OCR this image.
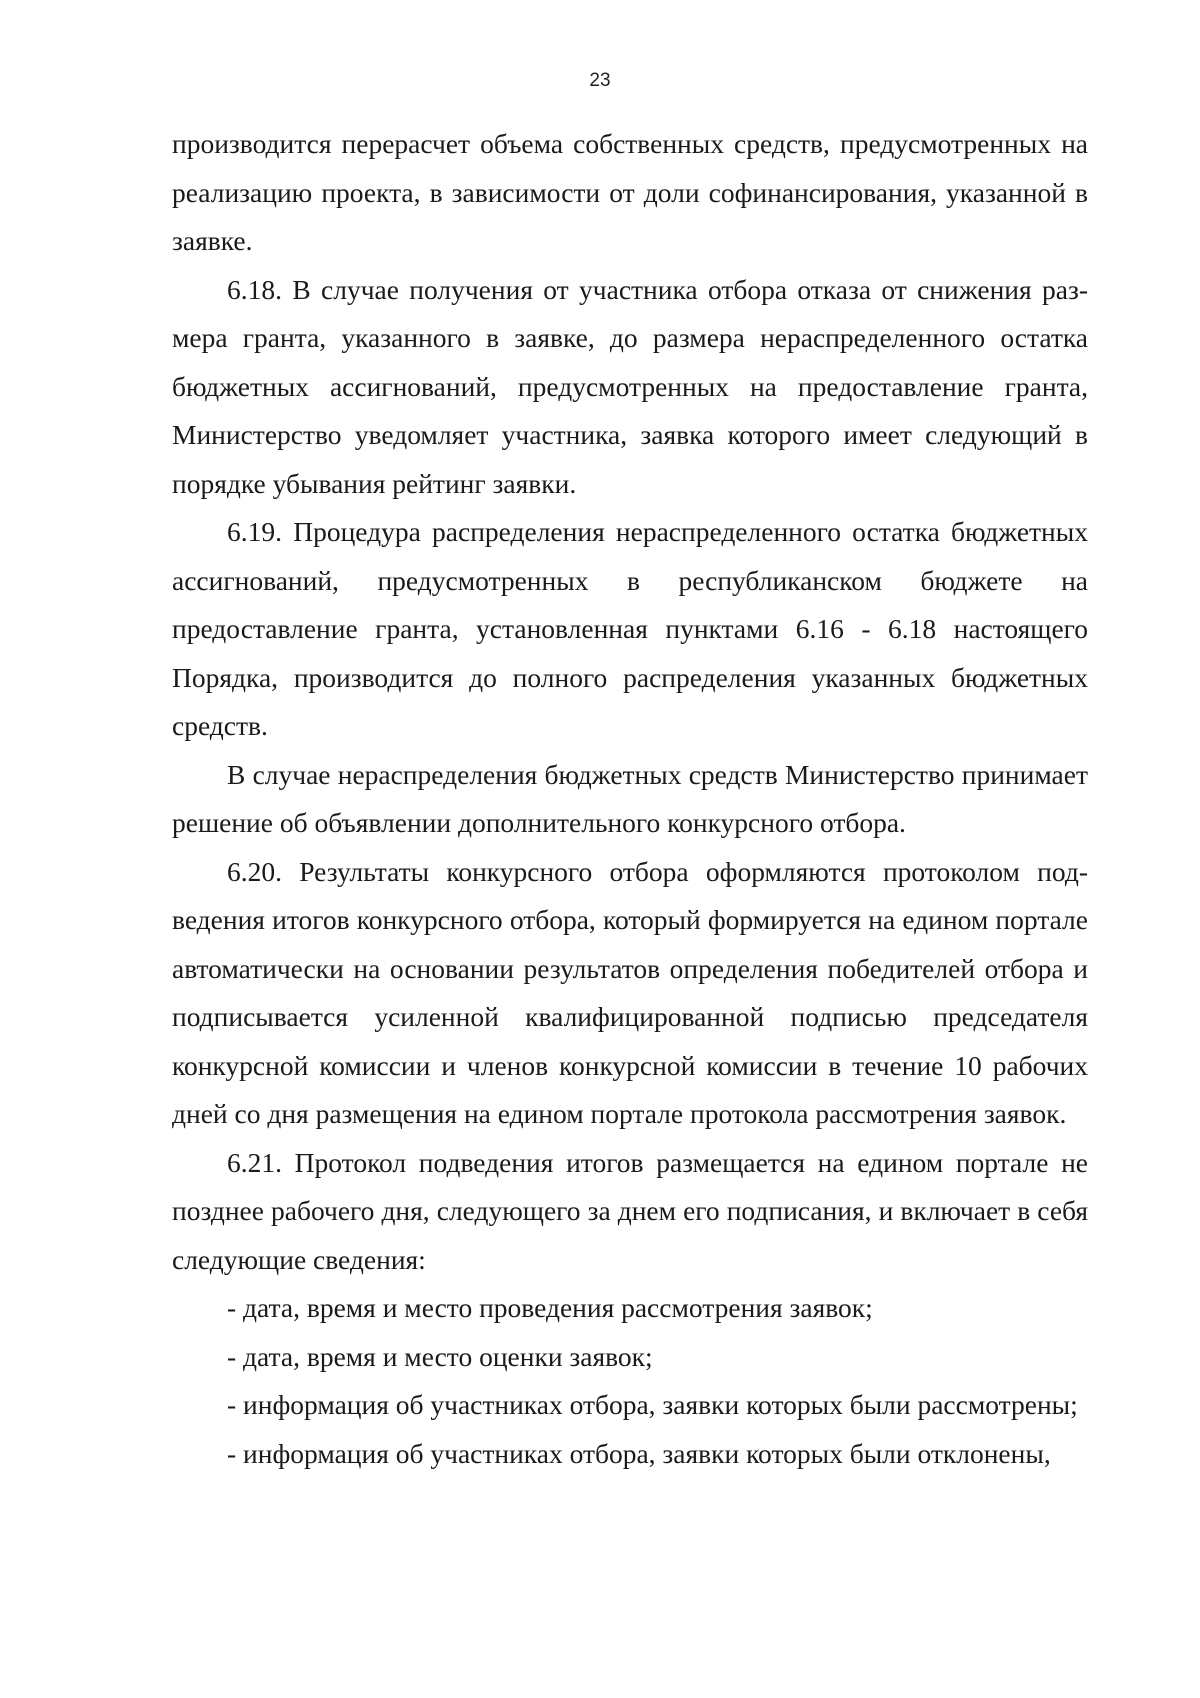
23

производится перерасчет объема собственных средств, предусмотренных на реализацию проекта, в зависимости от доли софинансирования, указанной в заявке.

6.18. В случае получения от участника отбора отказа от снижения размера гранта, указанного в заявке, до размера нераспределенного остатка бюджетных ассигнований, предусмотренных на предоставление гранта, Министерство уведомляет участника, заявка которого имеет следующий в порядке убывания рейтинг заявки.

6.19. Процедура распределения нераспределенного остатка бюджетных ассигнований, предусмотренных в республиканском бюджете на предоставление гранта, установленная пунктами 6.16 - 6.18 настоящего Порядка, производится до полного распределения указанных бюджетных средств.

В случае нераспределения бюджетных средств Министерство принимает решение об объявлении дополнительного конкурсного отбора.

6.20. Результаты конкурсного отбора оформляются протоколом подведения итогов конкурсного отбора, который формируется на едином портале автоматически на основании результатов определения победителей отбора и подписывается усиленной квалифицированной подписью председателя конкурсной комиссии и членов конкурсной комиссии в течение 10 рабочих дней со дня размещения на едином портале протокола рассмотрения заявок.

6.21. Протокол подведения итогов размещается на едином портале не позднее рабочего дня, следующего за днем его подписания, и включает в себя следующие сведения:

- дата, время и место проведения рассмотрения заявок;

- дата, время и место оценки заявок;

- информация об участниках отбора, заявки которых были рассмотрены;

- информация об участниках отбора, заявки которых были отклонены,
